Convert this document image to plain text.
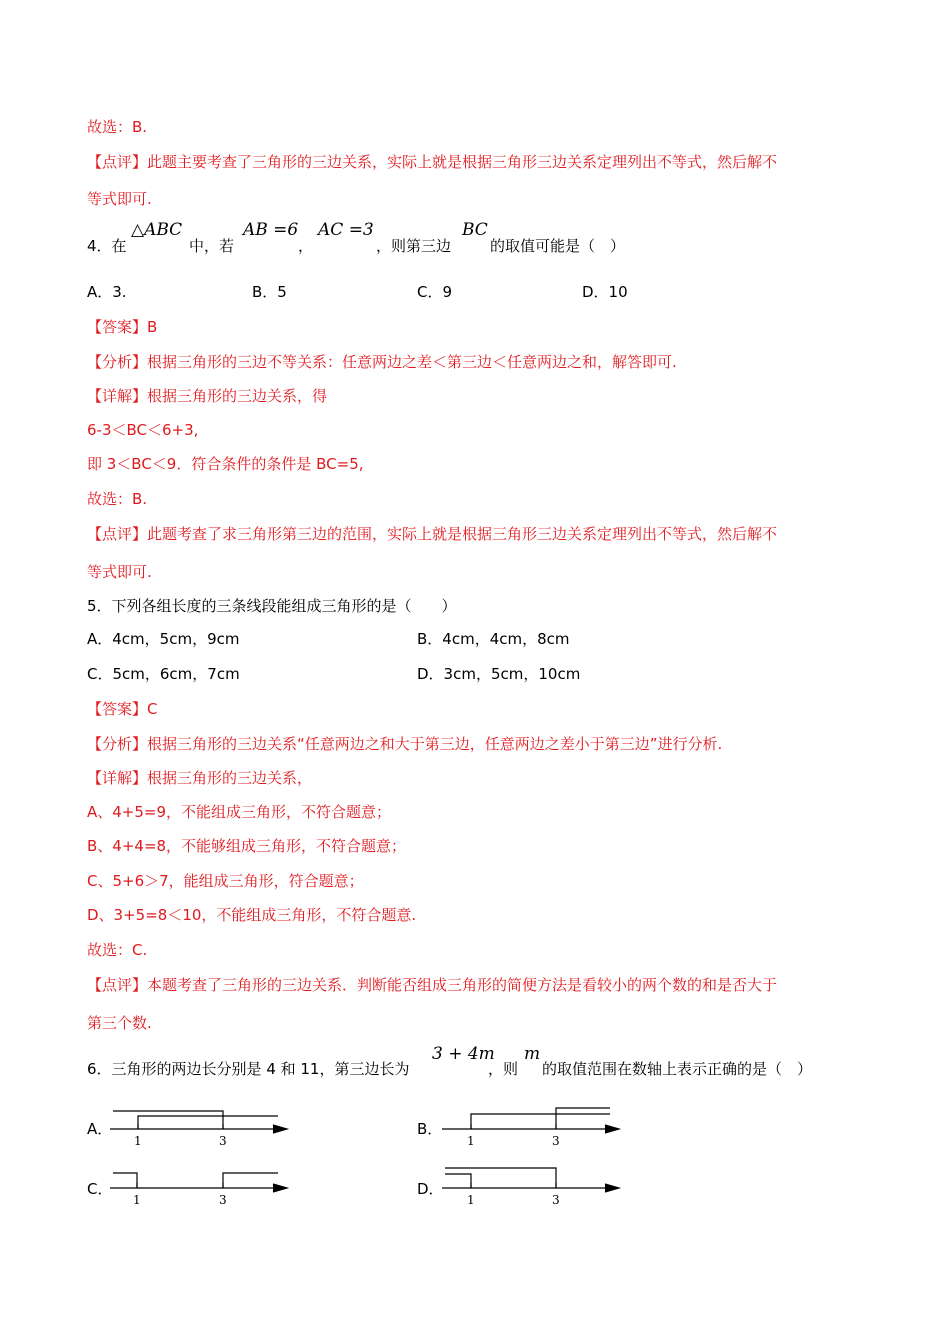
故选：B.
【点评】此题主要考查了三角形的三边关系，实际上就是根据三角形三边关系定理列出不等式，然后解不
等式即可.
4．在
△ABC
中，若
AB =6
，
AC =3
，则第三边
BC
的取值可能是（　）
A．3.	B．5	C．9	D．10
【答案】B
【分析】根据三角形的三边不等关系：任意两边之差＜第三边＜任意两边之和，解答即可.
【详解】根据三角形的三边关系，得
6-3＜BC＜6+3,
即 3＜BC＜9．符合条件的条件是 BC=5,
故选：B.
【点评】此题考查了求三角形第三边的范围，实际上就是根据三角形三边关系定理列出不等式，然后解不
等式即可.
5．下列各组长度的三条线段能组成三角形的是（　　）
A．4cm，5cm，9cm	B．4cm，4cm，8cm
C．5cm，6cm，7cm	D．3cm，5cm，10cm
【答案】C
【分析】根据三角形的三边关系“任意两边之和大于第三边，任意两边之差小于第三边”进行分析.
【详解】根据三角形的三边关系，
A、4+5=9，不能组成三角形，不符合题意；
B、4+4=8，不能够组成三角形，不符合题意；
C、5+6＞7，能组成三角形，符合题意；
D、3+5=8＜10，不能组成三角形，不符合题意.
故选：C.
【点评】本题考查了三角形的三边关系．判断能否组成三角形的简便方法是看较小的两个数的和是否大于
第三个数.
6．三角形的两边长分别是 4 和 11，第三边长为
3 + 4m
，则
m
的取值范围在数轴上表示正确的是（　）
A．
1	3
B．
1	3
C．
1	3
D．
1	3
